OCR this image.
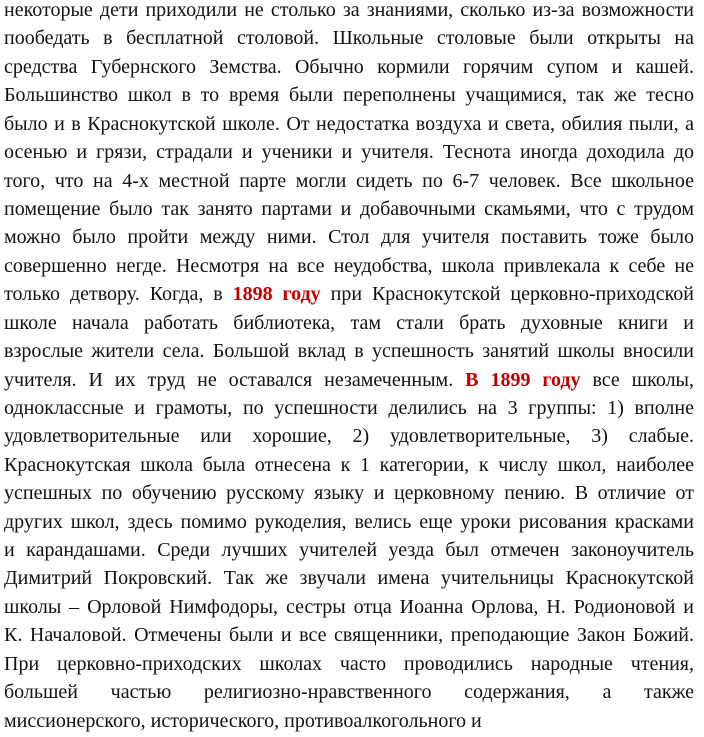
некоторые дети приходили не столько за знаниями, сколько из-за возможности
пообедать в бесплатной столовой. Школьные столовые были открыты на
средства Губернского Земства. Обычно кормили горячим супом и кашей.
Большинство школ в то время были переполнены учащимися, так же тесно
было и в Краснокутской школе. От недостатка воздуха и света, обилия пыли, а
осенью и грязи, страдали и ученики и учителя. Теснота иногда доходила до
того, что на 4-х местной парте могли сидеть по 6-7 человек. Все школьное
помещение было так занято партами и добавочными скамьями, что с трудом
можно было пройти между ними. Стол для учителя поставить тоже было
совершенно негде. Несмотря на все неудобства, школа привлекала к себе не
только детвору. Когда, в 1898 году при Краснокутской церковно-приходской
школе начала работать библиотека, там стали брать духовные книги и
взрослые жители села. Большой вклад в успешность занятий школы вносили
учителя. И их труд не оставался незамеченным. В 1899 году все школы,
одноклассные и грамоты, по успешности делились на 3 группы: 1) вполне
удовлетворительные или хорошие, 2) удовлетворительные, 3) слабые.
Краснокутская школа была отнесена к 1 категории, к числу школ, наиболее
успешных по обучению русскому языку и церковному пению. В отличие от
других школ, здесь помимо рукоделия, велись еще уроки рисования красками
и карандашами. Среди лучших учителей уезда был отмечен законоучитель
Димитрий Покровский. Так же звучали имена учительницы Краснокутской
школы – Орловой Нимфодоры, сестры отца Иоанна Орлова, Н. Родионовой и
К. Началовой. Отмечены были и все священники, преподающие Закон Божий.
При церковно-приходских школах часто проводились народные чтения,
большей частью религиозно-нравственного содержания, а также
миссионерского, исторического, противоалкогольного и
